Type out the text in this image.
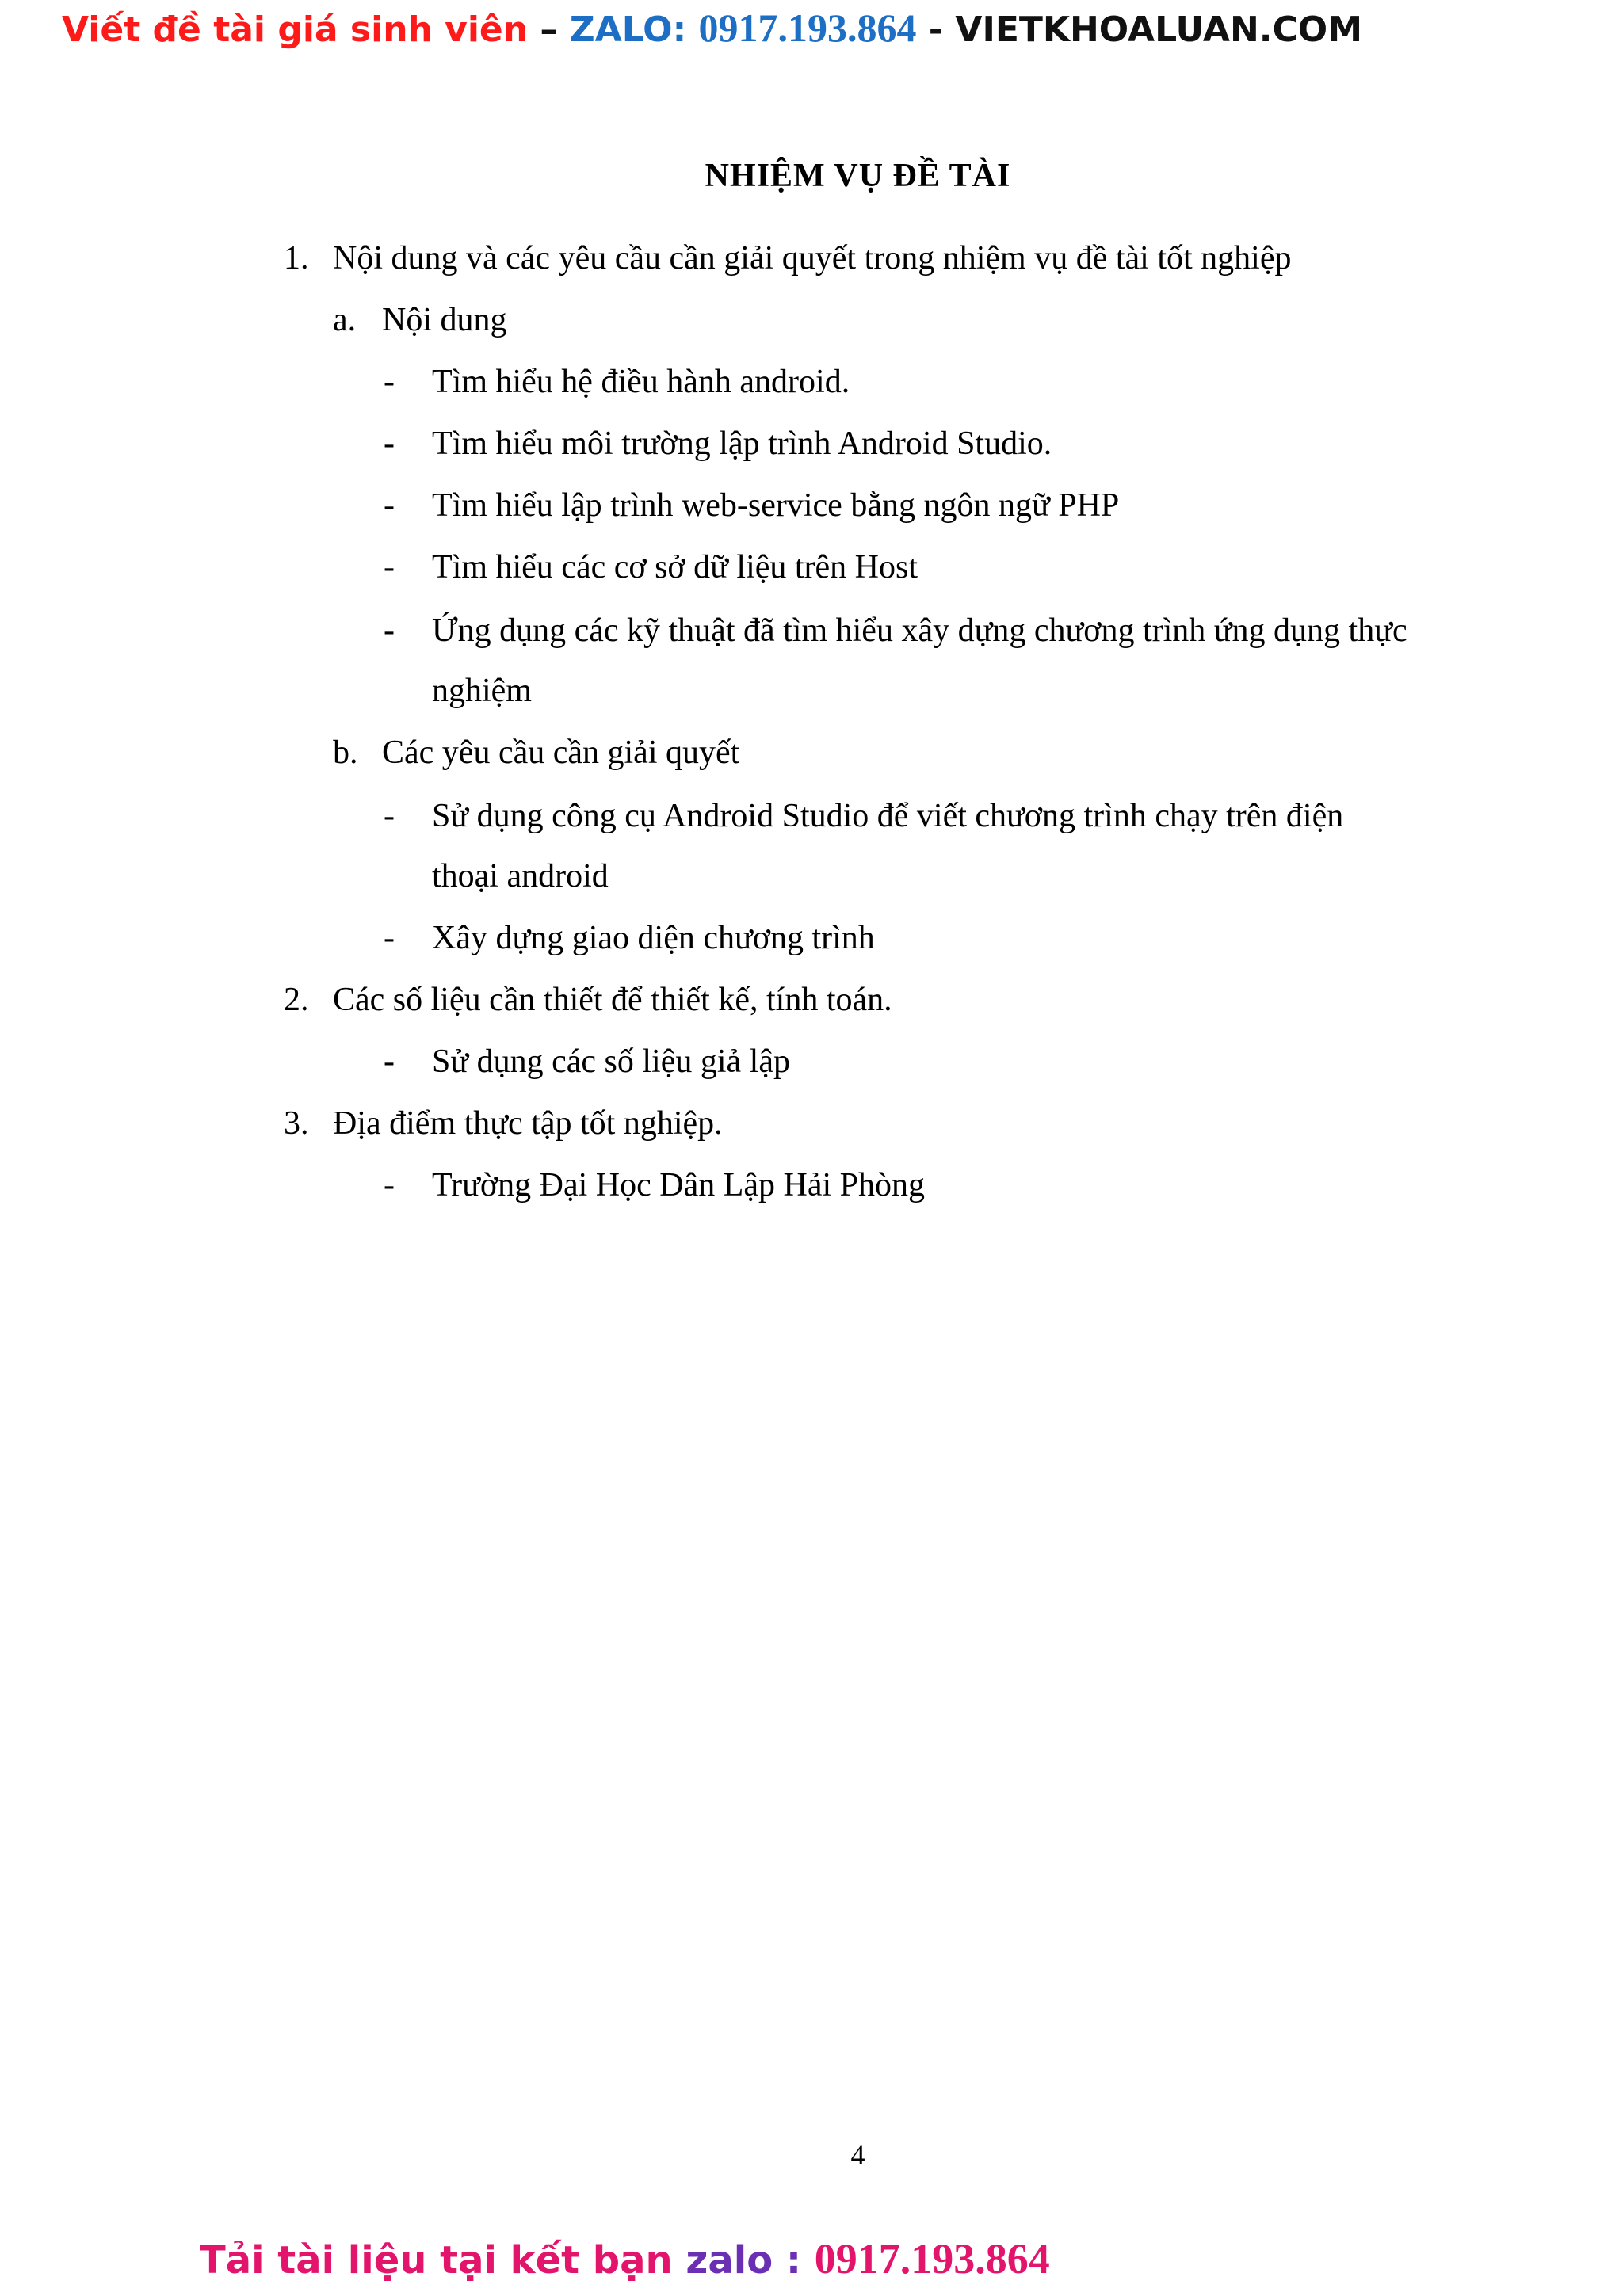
Viết đề tài giá sinh viên – ZALO: 0917.193.864 - VIETKHOALUAN.COM
NHIỆM VỤ ĐỀ TÀI
1. Nội dung và các yêu cầu cần giải quyết trong nhiệm vụ đề tài tốt nghiệp
a. Nội dung
- Tìm hiểu hệ điều hành android.
- Tìm hiểu môi trường lập trình Android Studio.
- Tìm hiểu lập trình web-service bằng ngôn ngữ PHP
- Tìm hiểu các cơ sở dữ liệu trên Host
- Ứng dụng các kỹ thuật đã tìm hiểu xây dựng chương trình ứng dụng thực
nghiệm
b. Các yêu cầu cần giải quyết
- Sử dụng công cụ Android Studio để viết chương trình chạy trên điện
thoại android
- Xây dựng giao diện chương trình
2. Các số liệu cần thiết để thiết kế, tính toán.
- Sử dụng các số liệu giả lập
3. Địa điểm thực tập tốt nghiệp.
- Trường Đại Học Dân Lập Hải Phòng
4
Tải tài liệu tại kết bạn zalo : 0917.193.864
